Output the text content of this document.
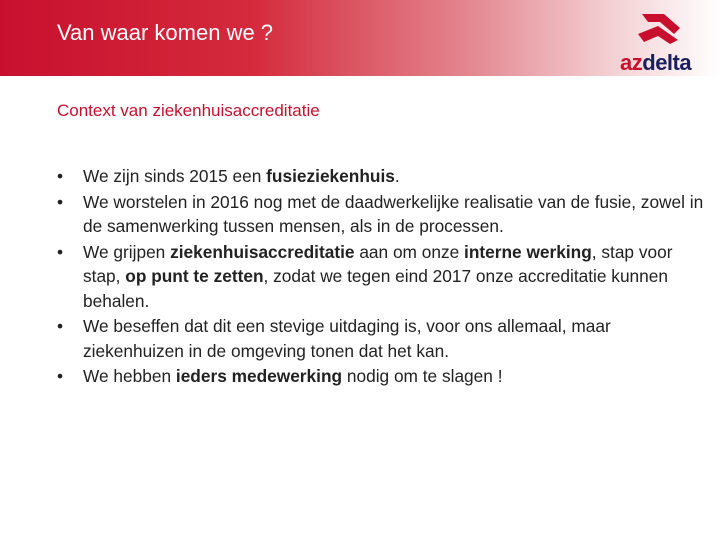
Van waar komen we ?
azdelta
Context van ziekenhuisaccreditatie
• We zijn sinds 2015 een fusieziekenhuis.
• We worstelen in 2016 nog met de daadwerkelijke realisatie van de fusie, zowel in de samenwerking tussen mensen, als in de processen.
• We grijpen ziekenhuisaccreditatie aan om onze interne werking, stap voor stap, op punt te zetten, zodat we tegen eind 2017 onze accreditatie kunnen behalen.
• We beseffen dat dit een stevige uitdaging is, voor ons allemaal, maar ziekenhuizen in de omgeving tonen dat het kan.
• We hebben ieders medewerking nodig om te slagen !
